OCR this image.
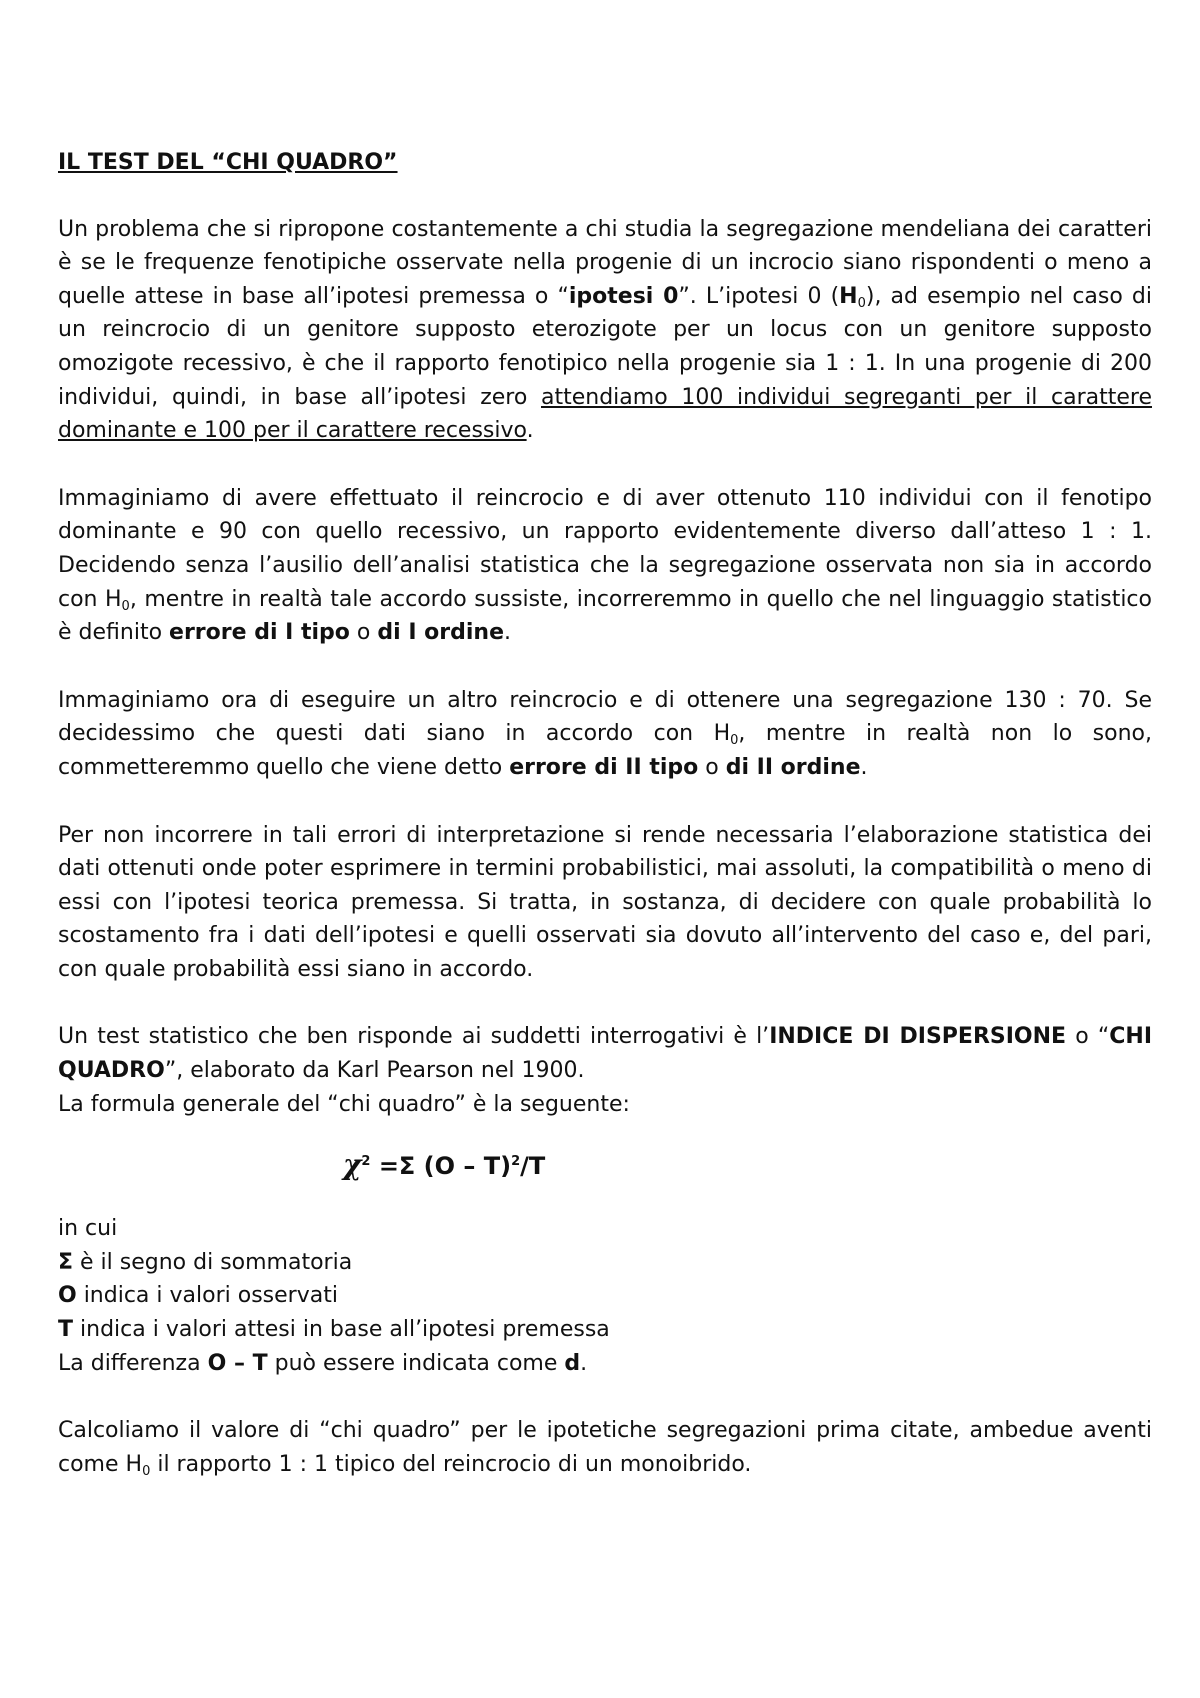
IL TEST DEL “CHI QUADRO”

Un problema che si ripropone costantemente a chi studia la segregazione mendeliana dei caratteri è se le frequenze fenotipiche osservate nella progenie di un incrocio siano rispondenti o meno a quelle attese in base all’ipotesi premessa o “ipotesi 0”. L’ipotesi 0 $(H_0)$, ad esempio nel caso di un reincrocio di un genitore supposto eterozigote per un locus con un genitore supposto omozigote recessivo, è che il rapporto fenotipico nella progenie sia 1 : 1. In una progenie di 200 individui, quindi, in base all’ipotesi zero attendiamo 100 individui segreganti per il carattere dominante e 100 per il carattere recessivo.

Immaginiamo di avere effettuato il reincrocio e di aver ottenuto 110 individui con il fenotipo dominante e 90 con quello recessivo, un rapporto evidentemente diverso dall’atteso 1 : 1. Decidendo senza l’ausilio dell’analisi statistica che la segregazione osservata non sia in accordo con $H_0$, mentre in realtà tale accordo sussiste, incorreremmo in quello che nel linguaggio statistico è definito errore di I tipo o di I ordine.

Immaginiamo ora di eseguire un altro reincrocio e di ottenere una segregazione 130 : 70. Se decidessimo che questi dati siano in accordo con $H_0$, mentre in realtà non lo sono, commetteremmo quello che viene detto errore di II tipo o di II ordine.

Per non incorrere in tali errori di interpretazione si rende necessaria l’elaborazione statistica dei dati ottenuti onde poter esprimere in termini probabilistici, mai assoluti, la compatibilità o meno di essi con l’ipotesi teorica premessa. Si tratta, in sostanza, di decidere con quale probabilità lo scostamento fra i dati dell’ipotesi e quelli osservati sia dovuto all’intervento del caso e, del pari, con quale probabilità essi siano in accordo.

Un test statistico che ben risponde ai suddetti interrogativi è l’INDICE DI DISPERSIONE o “CHI QUADRO”, elaborato da Karl Pearson nel 1900.
La formula generale del “chi quadro” è la seguente:

$\chi^2 =\Sigma$ (O – T)$^2$/T
in cui
Σ è il segno di sommatoria
O indica i valori osservati
T indica i valori attesi in base all’ipotesi premessa
La differenza O – T può essere indicata come d.

Calcoliamo il valore di “chi quadro” per le ipotetiche segregazioni prima citate, ambedue aventi come $H_0$ il rapporto 1 : 1 tipico del reincrocio di un monoibrido.
